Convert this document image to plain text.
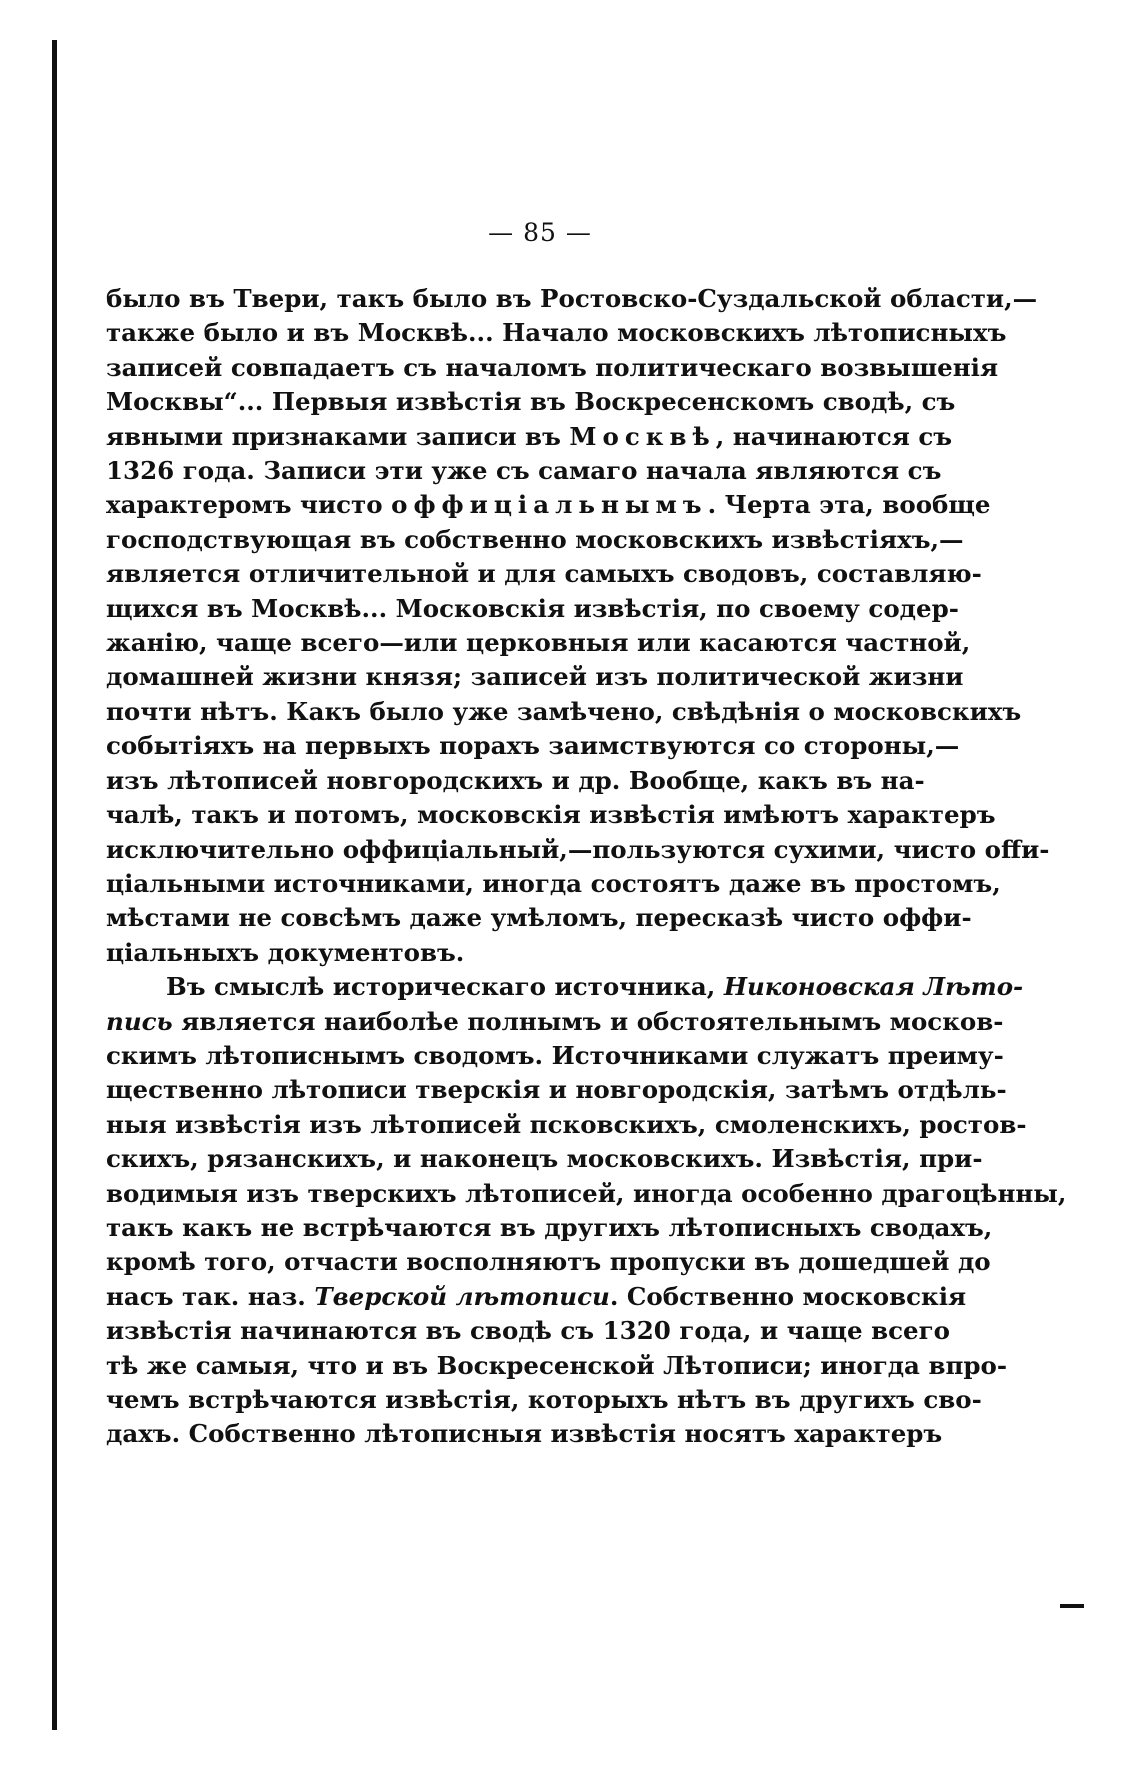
— 85 —
было въ Твери, такъ было въ Ростовско-Суздальской области,—
также было и въ Москвѣ... Начало московскихъ лѣтописныхъ
записей совпадаетъ съ началомъ политическаго возвышенія
Москвы“... Первыя извѣстія въ Воскресенскомъ сводѣ, съ
явными признаками записи въ Москвѣ, начинаются съ
1326 года. Записи эти уже съ самаго начала являются съ
характеромъ чисто оффиціальнымъ. Черта эта, вообще
господствующая въ собственно московскихъ извѣстіяхъ,—
является отличительной и для самыхъ сводовъ, составляю-
щихся въ Москвѣ... Московскія извѣстія, по своему содер-
жанію, чаще всего—или церковныя или касаются частной,
домашней жизни князя; записей изъ политической жизни
почти нѣтъ. Какъ было уже замѣчено, свѣдѣнія о московскихъ
событіяхъ на первыхъ порахъ заимствуются со стороны,—
изъ лѣтописей новгородскихъ и др. Вообще, какъ въ на-
чалѣ, такъ и потомъ, московскія извѣстія имѣютъ характеръ
исключительно оффиціальный,—пользуются сухими, чисто offи-
ціальными источниками, иногда состоятъ даже въ простомъ,
мѣстами не совсѣмъ даже умѣломъ, пересказѣ чисто оффи-
ціальныхъ документовъ.
Въ смыслѣ историческаго источника, Никоновская Лѣто-
пись является наиболѣе полнымъ и обстоятельнымъ москов-
скимъ лѣтописнымъ сводомъ. Источниками служатъ преиму-
щественно лѣтописи тверскія и новгородскія, затѣмъ отдѣль-
ныя извѣстія изъ лѣтописей псковскихъ, смоленскихъ, ростов-
скихъ, рязанскихъ, и наконецъ московскихъ. Извѣстія, при-
водимыя изъ тверскихъ лѣтописей, иногда особенно драгоцѣнны,
такъ какъ не встрѣчаются въ другихъ лѣтописныхъ сводахъ,
кромѣ того, отчасти восполняютъ пропуски въ дошедшей до
насъ так. наз. Тверской лѣтописи. Собственно московскія
извѣстія начинаются въ сводѣ съ 1320 года, и чаще всего
тѣ же самыя, что и въ Воскресенской Лѣтописи; иногда впро-
чемъ встрѣчаются извѣстія, которыхъ нѣтъ въ другихъ сво-
дахъ. Собственно лѣтописныя извѣстія носятъ характеръ
